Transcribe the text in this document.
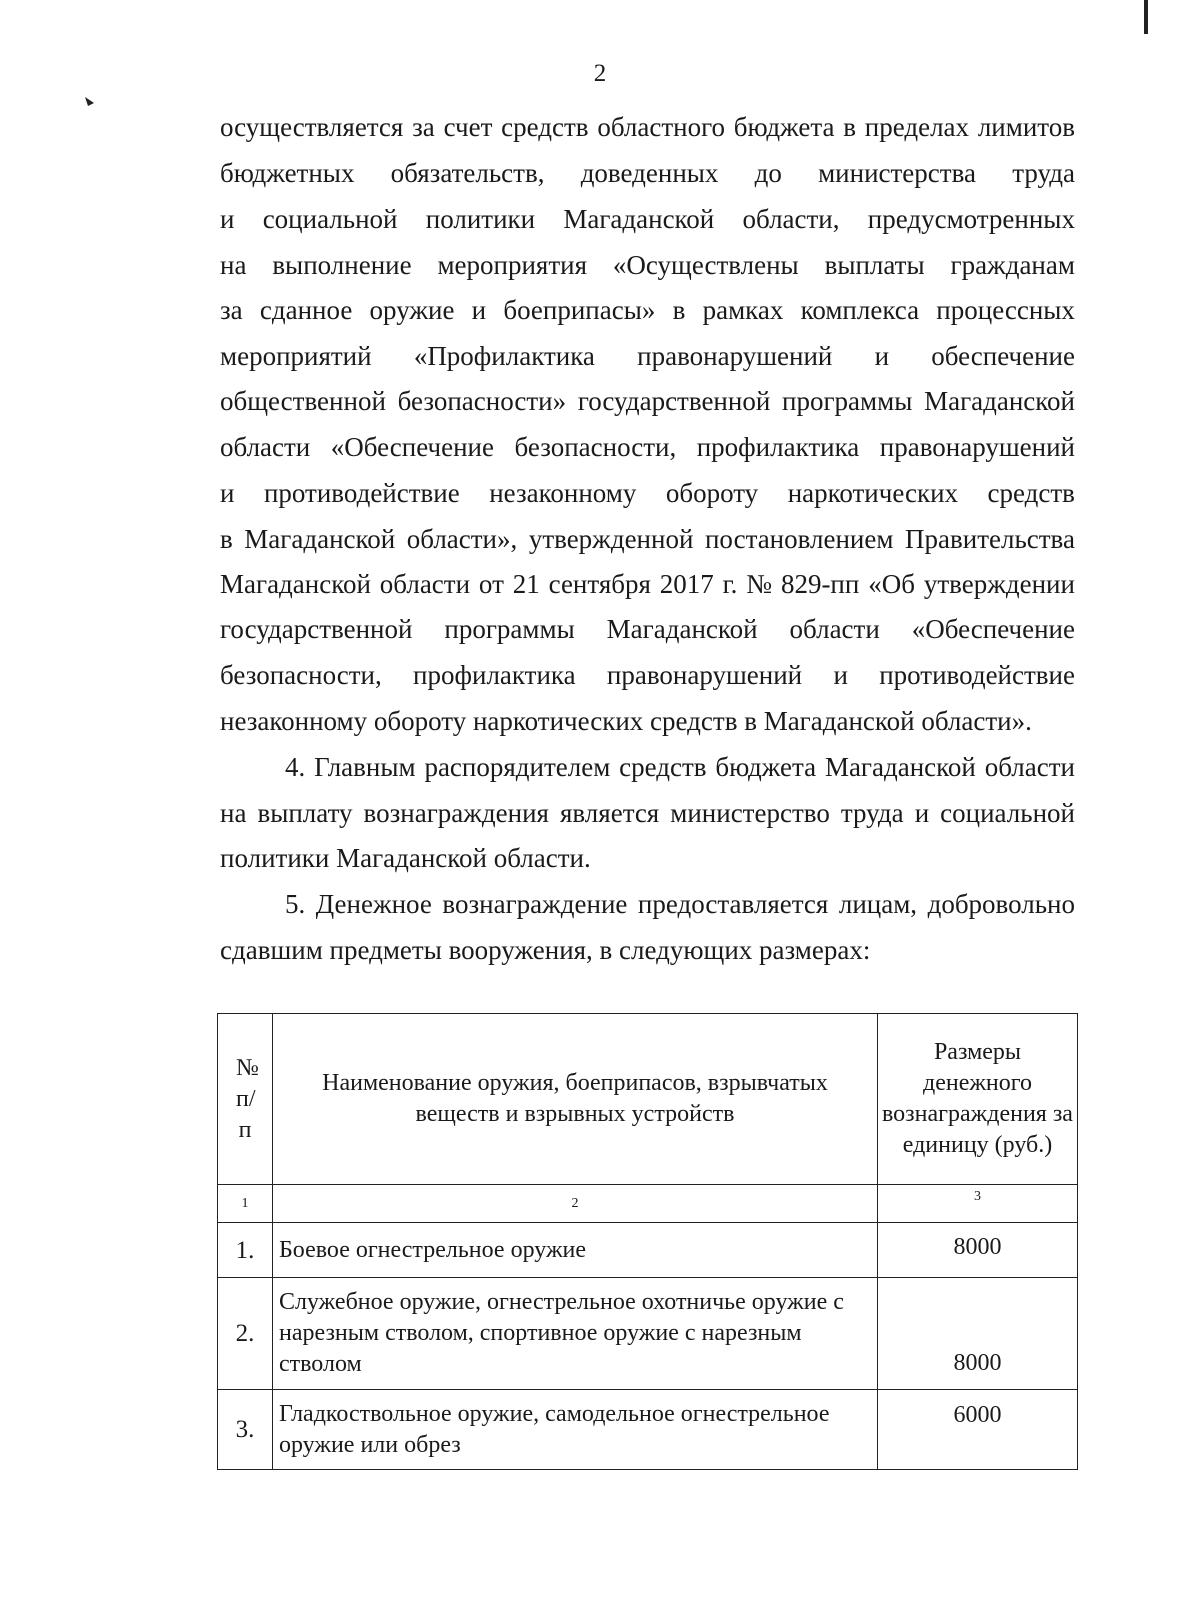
2
осуществляется за счет средств областного бюджета в пределах лимитов
бюджетных обязательств, доведенных до министерства труда
и социальной политики Магаданской области, предусмотренных
на выполнение мероприятия «Осуществлены выплаты гражданам
за сданное оружие и боеприпасы» в рамках комплекса процессных
мероприятий «Профилактика правонарушений и обеспечение
общественной безопасности» государственной программы Магаданской
области «Обеспечение безопасности, профилактика правонарушений
и противодействие незаконному обороту наркотических средств
в Магаданской области», утвержденной постановлением Правительства
Магаданской области от 21 сентября 2017 г. № 829-пп «Об утверждении
государственной программы Магаданской области «Обеспечение
безопасности, профилактика правонарушений и противодействие
незаконному обороту наркотических средств в Магаданской области».
4. Главным распорядителем средств бюджета Магаданской области
на выплату вознаграждения является министерство труда и социальной
политики Магаданской области.
5. Денежное вознаграждение предоставляется лицам, добровольно
сдавшим предметы вооружения, в следующих размерах:
№ п/п	Наименование оружия, боеприпасов, взрывчатых веществ и взрывных устройств	Размеры денежного вознаграждения за единицу (руб.)
1	2	3
1.	Боевое огнестрельное оружие	8000
2.	Служебное оружие, огнестрельное охотничье оружие с нарезным стволом, спортивное оружие с нарезным стволом	8000
3.	Гладкоствольное оружие, самодельное огнестрельное оружие или обрез	6000
